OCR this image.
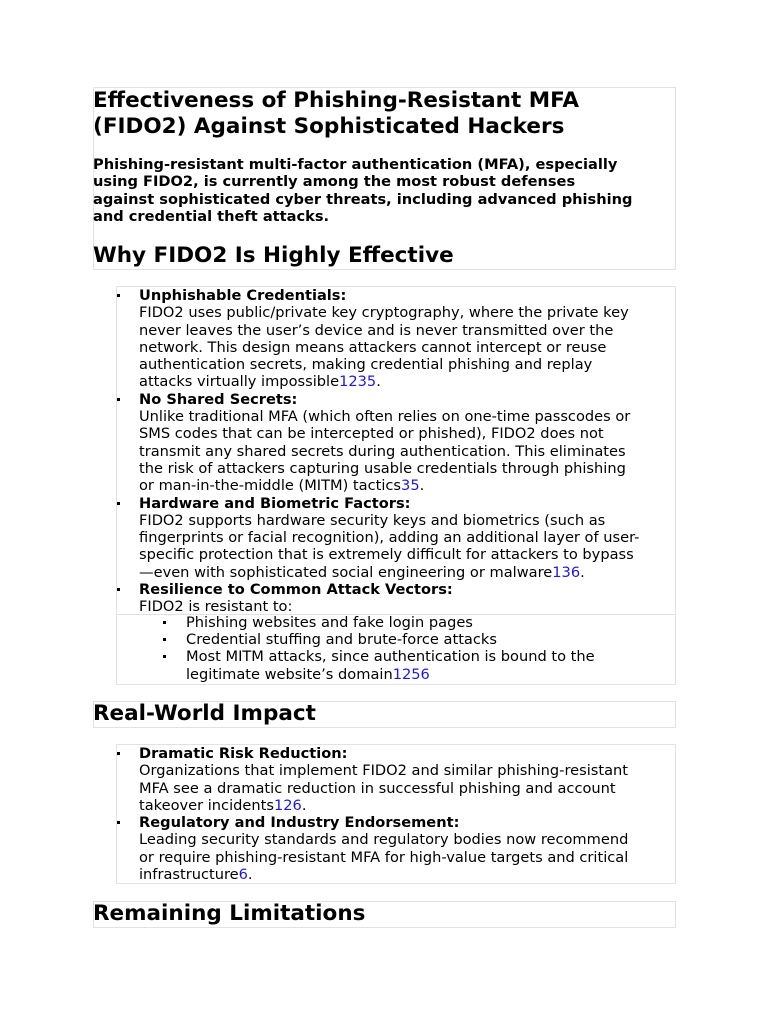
Effectiveness of Phishing-Resistant MFA
(FIDO2) Against Sophisticated Hackers
Phishing-resistant multi-factor authentication (MFA), especially
using FIDO2, is currently among the most robust defenses
against sophisticated cyber threats, including advanced phishing
and credential theft attacks.
Why FIDO2 Is Highly Effective
Unphishable Credentials:
FIDO2 uses public/private key cryptography, where the private key
never leaves the user’s device and is never transmitted over the
network. This design means attackers cannot intercept or reuse
authentication secrets, making credential phishing and replay
attacks virtually impossible1235.
No Shared Secrets:
Unlike traditional MFA (which often relies on one-time passcodes or
SMS codes that can be intercepted or phished), FIDO2 does not
transmit any shared secrets during authentication. This eliminates
the risk of attackers capturing usable credentials through phishing
or man-in-the-middle (MITM) tactics35.
Hardware and Biometric Factors:
FIDO2 supports hardware security keys and biometrics (such as
fingerprints or facial recognition), adding an additional layer of user-
specific protection that is extremely difficult for attackers to bypass
—even with sophisticated social engineering or malware136.
Resilience to Common Attack Vectors:
FIDO2 is resistant to:
Phishing websites and fake login pages
Credential stuffing and brute-force attacks
Most MITM attacks, since authentication is bound to the
legitimate website’s domain1256
Real-World Impact
Dramatic Risk Reduction:
Organizations that implement FIDO2 and similar phishing-resistant
MFA see a dramatic reduction in successful phishing and account
takeover incidents126.
Regulatory and Industry Endorsement:
Leading security standards and regulatory bodies now recommend
or require phishing-resistant MFA for high-value targets and critical
infrastructure6.
Remaining Limitations
